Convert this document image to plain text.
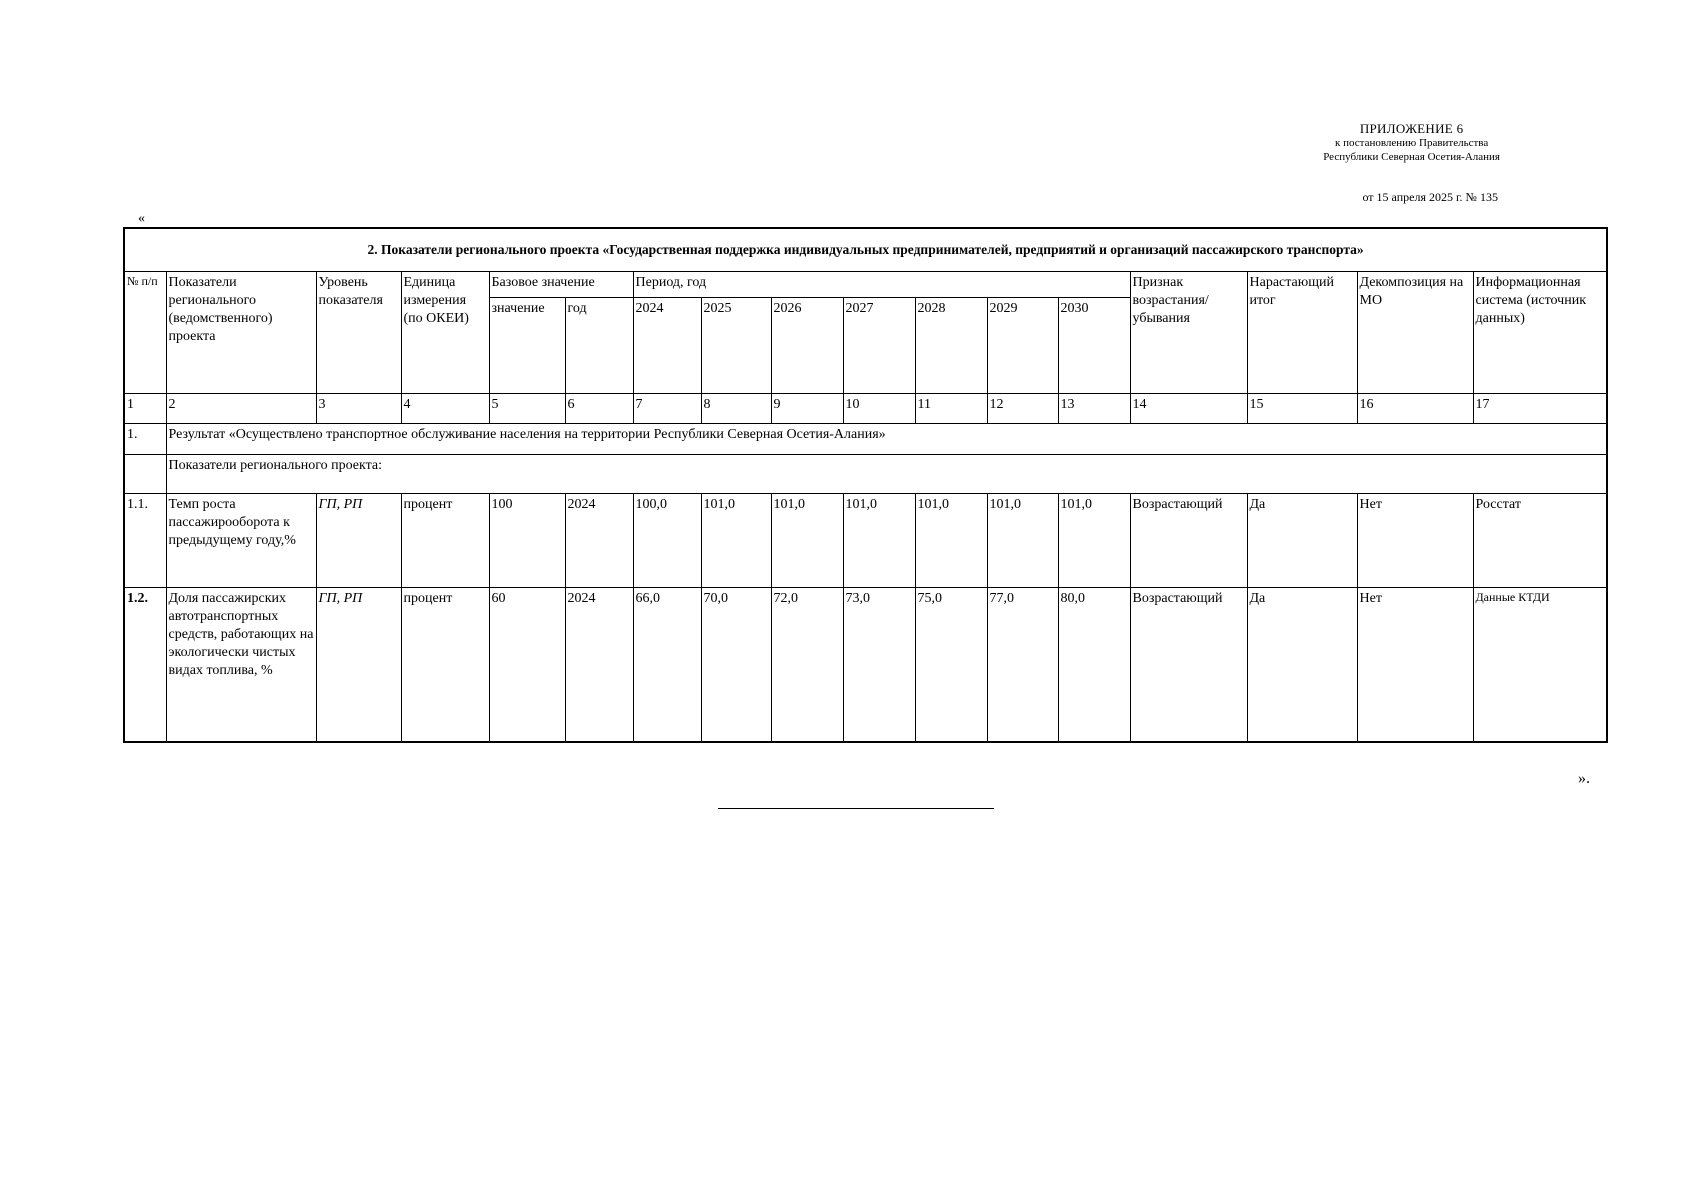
ПРИЛОЖЕНИЕ 6
к постановлению Правительства
Республики Северная Осетия-Алания
от 15 апреля 2025 г. № 135
«
2. Показатели регионального проекта «Государственная поддержка индивидуальных предпринимателей, предприятий и организаций пассажирского транспорта»																
№ п/п	Показатели регионального (ведомственного) проекта	Уровень показателя	Единица измерения (по ОКЕИ)	Базовое значение		Период, год							Признак возрастания/ убывания	Нарастающий итог	Декомпозиция на МО	Информационная система (источник данных)
				значение	год	2024	2025	2026	2027	2028	2029	2030				
1	2	3	4	5	6	7	8	9	10	11	12	13	14	15	16	17
1.	Результат «Осуществлено транспортное обслуживание населения на территории Республики Северная Осетия-Алания»															
	Показатели регионального проекта:															
1.1.	Темп роста пассажирооборота к предыдущему году,%	ГП, РП	процент	100	2024	100,0	101,0	101,0	101,0	101,0	101,0	101,0	Возрастающий	Да	Нет	Росстат
1.2.	Доля пассажирских автотранспортных средств, работающих на экологически чистых видах топлива, %	ГП, РП	процент	60	2024	66,0	70,0	72,0	73,0	75,0	77,0	80,0	Возрастающий	Да	Нет	Данные КТДИ
».
